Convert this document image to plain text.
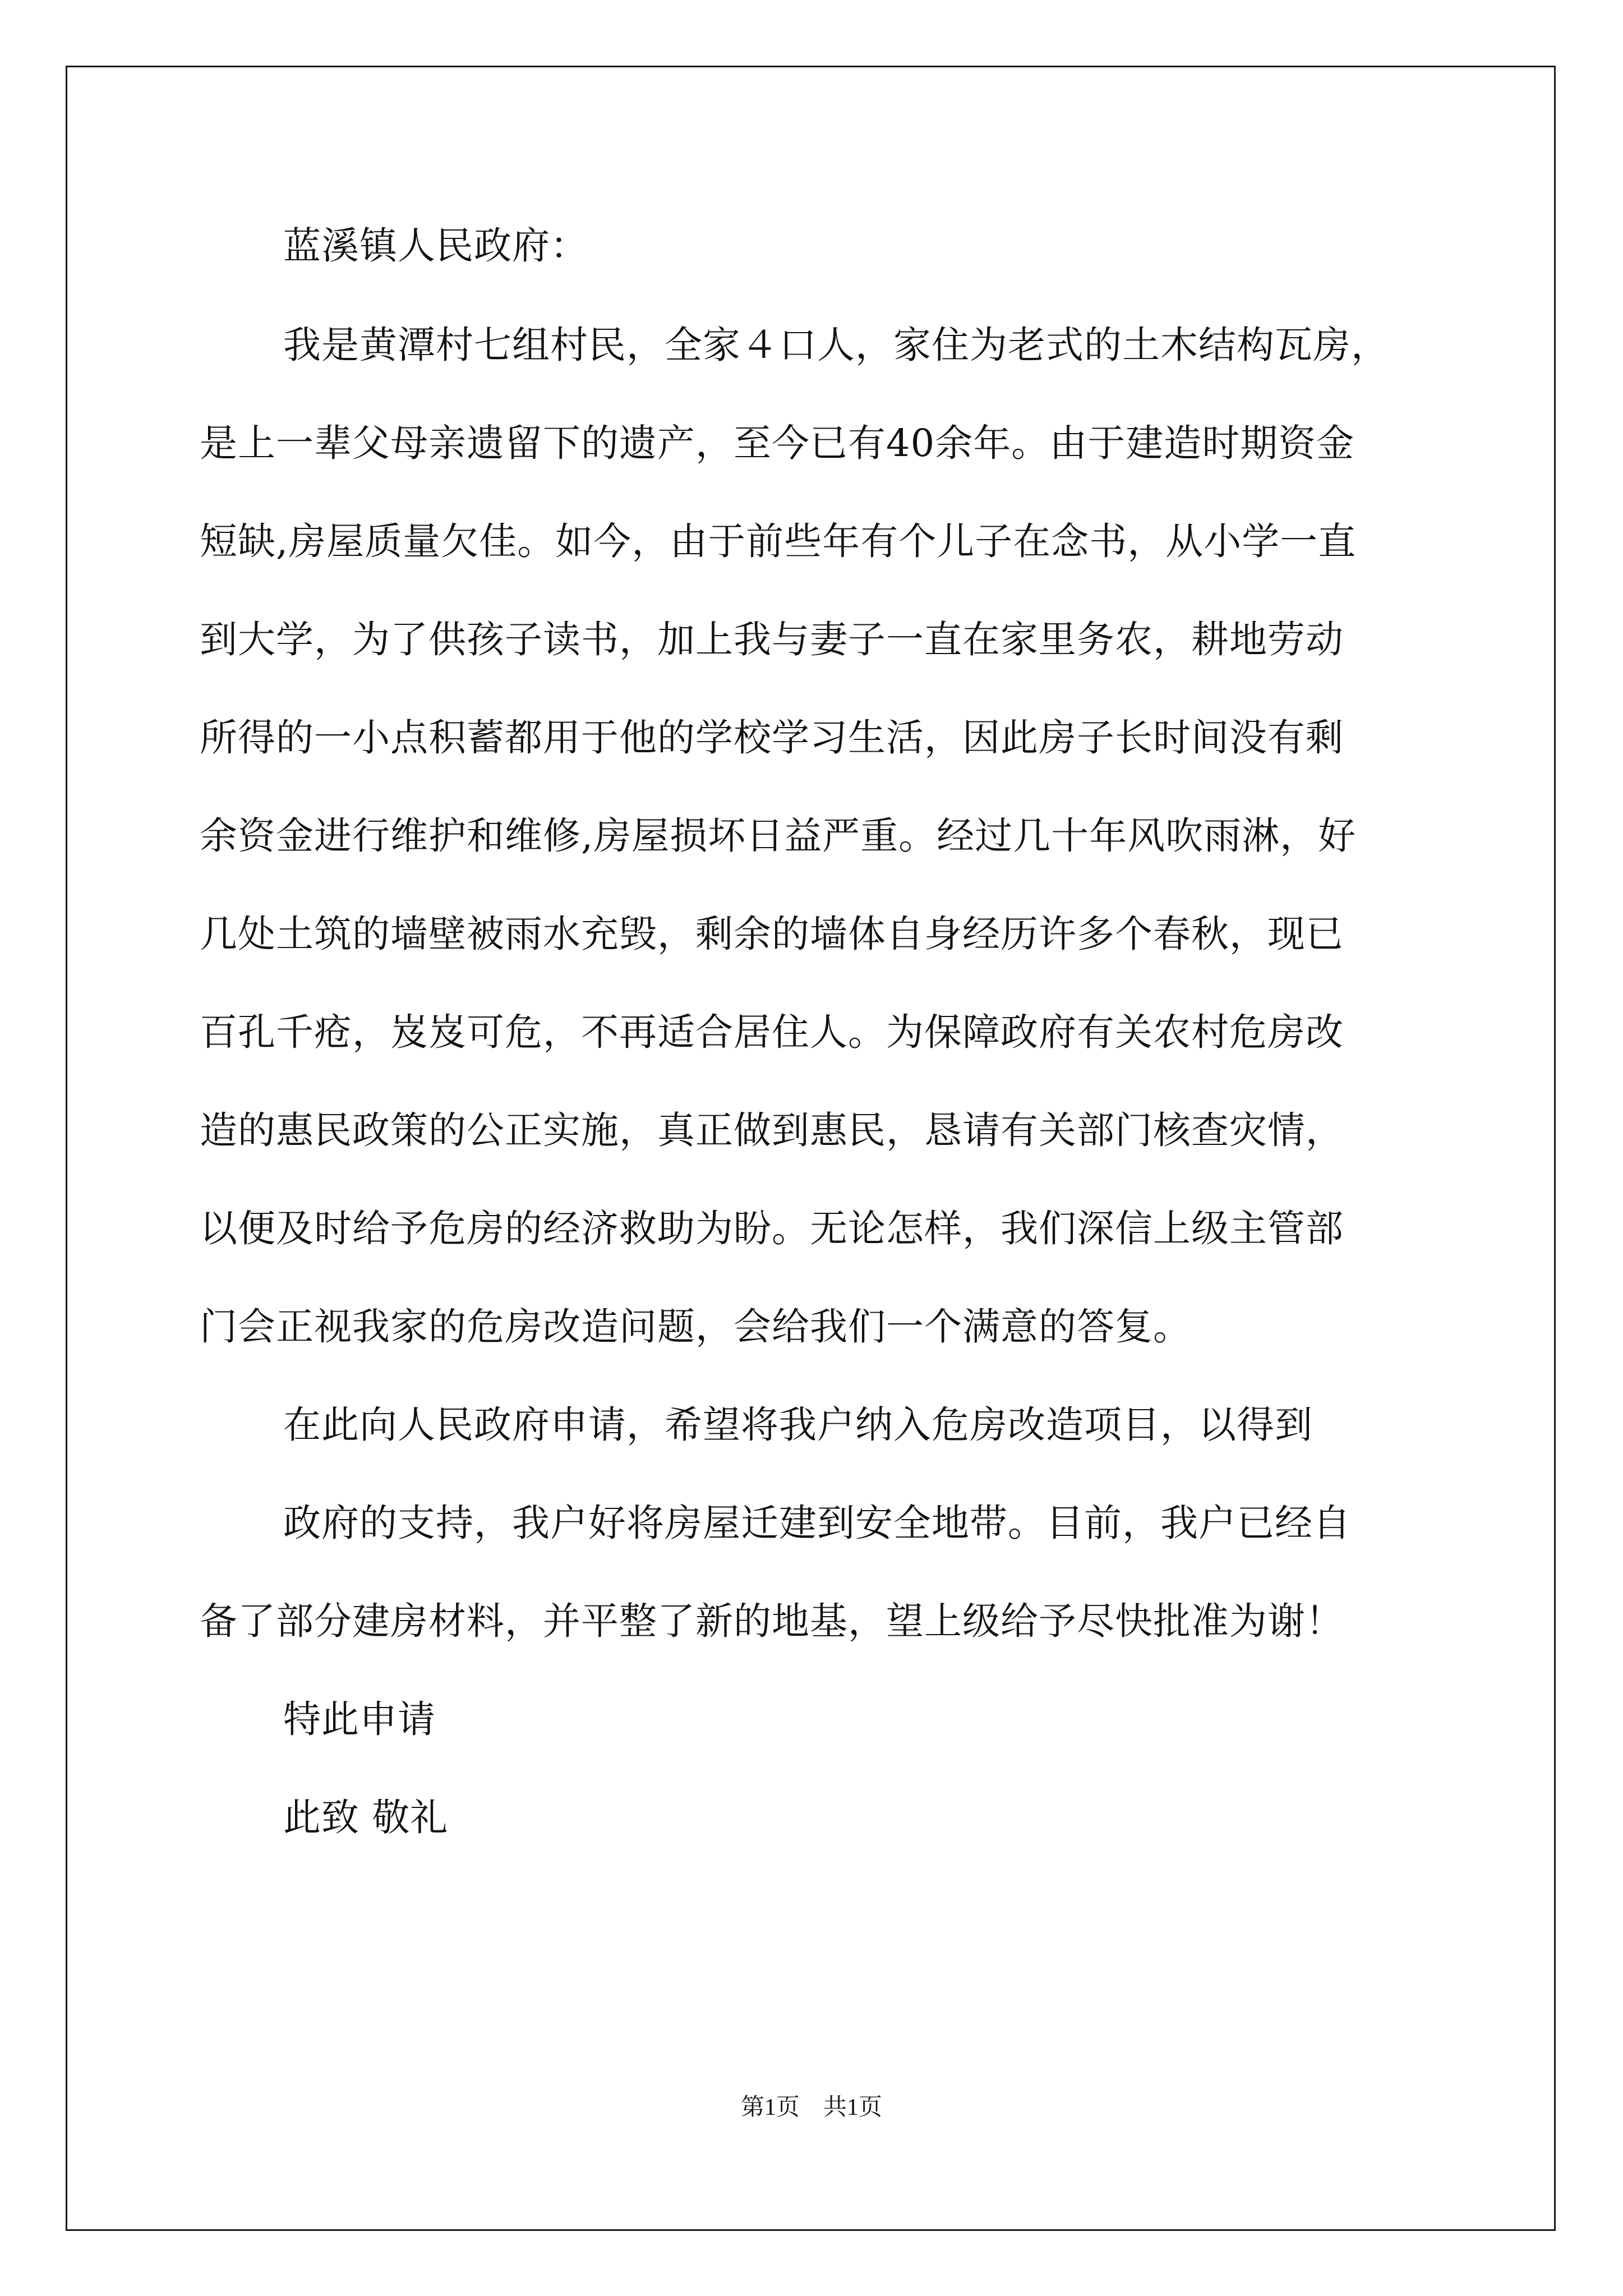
蓝溪镇人民政府：

我是黄潭村七组村民，全家４口人，家住为老式的土木结构瓦房，

是上一辈父母亲遗留下的遗产，至今已有40余年。由于建造时期资金

短缺,房屋质量欠佳。如今，由于前些年有个儿子在念书，从小学一直

到大学，为了供孩子读书，加上我与妻子一直在家里务农，耕地劳动

所得的一小点积蓄都用于他的学校学习生活，因此房子长时间没有剩

余资金进行维护和维修,房屋损坏日益严重。经过几十年风吹雨淋，好

几处土筑的墙壁被雨水充毁，剩余的墙体自身经历许多个春秋，现已

百孔千疮，岌岌可危，不再适合居住人。为保障政府有关农村危房改

造的惠民政策的公正实施，真正做到惠民，恳请有关部门核查灾情，

以便及时给予危房的经济救助为盼。无论怎样，我们深信上级主管部

门会正视我家的危房改造问题，会给我们一个满意的答复。

在此向人民政府申请，希望将我户纳入危房改造项目，以得到

政府的支持，我户好将房屋迁建到安全地带。目前，我户已经自

备了部分建房材料，并平整了新的地基，望上级给予尽快批准为谢！

特此申请

此致 敬礼

第1页　共1页
